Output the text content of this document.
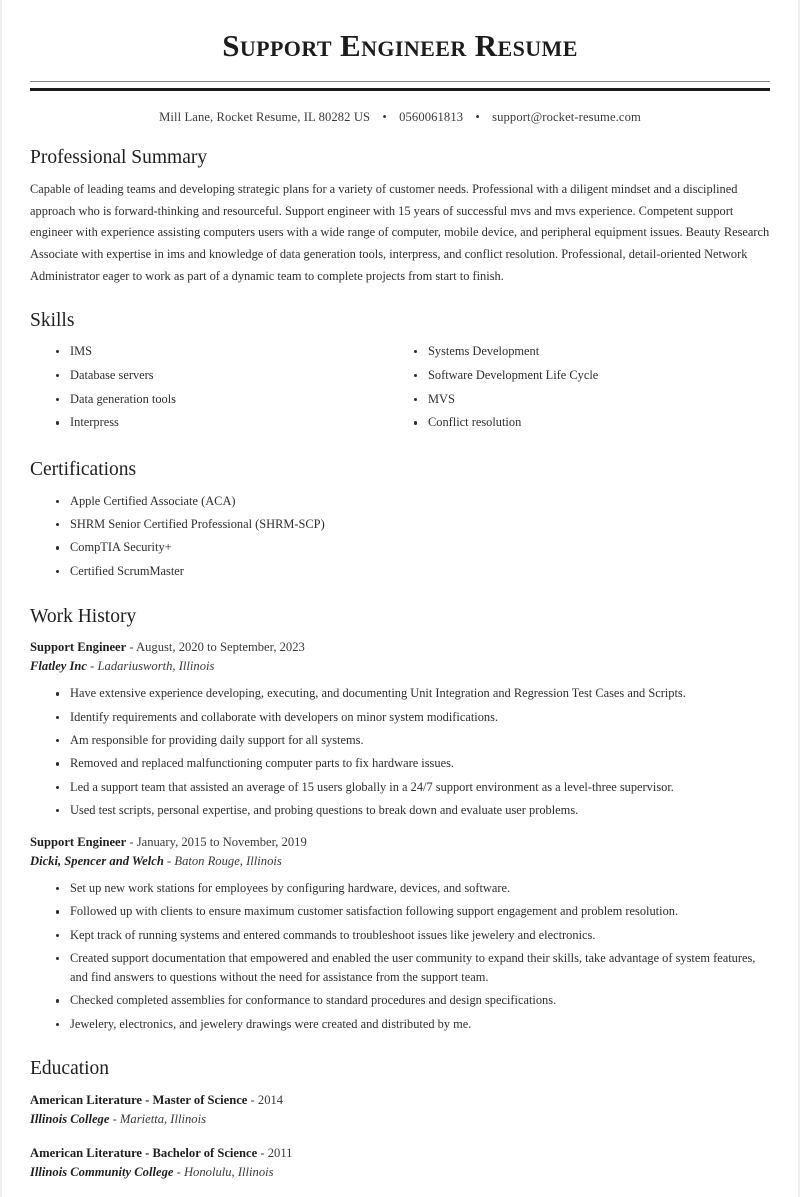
Support Engineer Resume
Mill Lane, Rocket Resume, IL 80282 US • 0560061813 • support@rocket-resume.com
Professional Summary

Capable of leading teams and developing strategic plans for a variety of customer needs. Professional with a diligent mindset and a disciplined approach who is forward-thinking and resourceful. Support engineer with 15 years of successful mvs and mvs experience. Competent support engineer with experience assisting computers users with a wide range of computer, mobile device, and peripheral equipment issues. Beauty Research Associate with expertise in ims and knowledge of data generation tools, interpress, and conflict resolution. Professional, detail-oriented Network Administrator eager to work as part of a dynamic team to complete projects from start to finish.

Skills
IMS
Database servers
Data generation tools
Interpress
Systems Development
Software Development Life Cycle
MVS
Conflict resolution
Certifications
Apple Certified Associate (ACA)
SHRM Senior Certified Professional (SHRM-SCP)
CompTIA Security+
Certified ScrumMaster
Work History
Support Engineer - August, 2020 to September, 2023
Flatley Inc - Ladariusworth, Illinois
Have extensive experience developing, executing, and documenting Unit Integration and Regression Test Cases and Scripts.
Identify requirements and collaborate with developers on minor system modifications.
Am responsible for providing daily support for all systems.
Removed and replaced malfunctioning computer parts to fix hardware issues.
Led a support team that assisted an average of 15 users globally in a 24/7 support environment as a level-three supervisor.
Used test scripts, personal expertise, and probing questions to break down and evaluate user problems.
Support Engineer - January, 2015 to November, 2019
Dicki, Spencer and Welch - Baton Rouge, Illinois
Set up new work stations for employees by configuring hardware, devices, and software.
Followed up with clients to ensure maximum customer satisfaction following support engagement and problem resolution.
Kept track of running systems and entered commands to troubleshoot issues like jewelery and electronics.
Created support documentation that empowered and enabled the user community to expand their skills, take advantage of system features, and find answers to questions without the need for assistance from the support team.
Checked completed assemblies for conformance to standard procedures and design specifications.
Jewelery, electronics, and jewelery drawings were created and distributed by me.
Education
American Literature - Master of Science - 2014
Illinois College - Marietta, Illinois
American Literature - Bachelor of Science - 2011
Illinois Community College - Honolulu, Illinois
